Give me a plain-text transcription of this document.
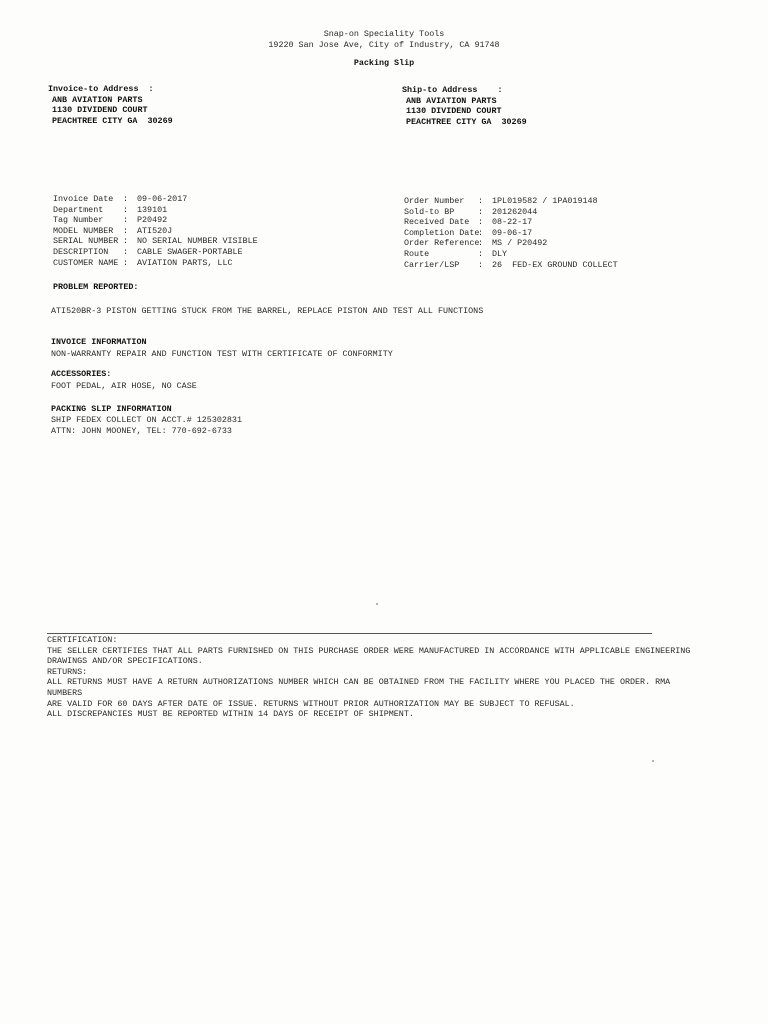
Snap-on Speciality Tools
19220 San Jose Ave, City of Industry, CA 91748
Packing Slip
Invoice-to Address  :
ANB AVIATION PARTS
1130 DIVIDEND COURT
PEACHTREE CITY GA  30269
Ship-to Address    :
ANB AVIATION PARTS
1130 DIVIDEND COURT
PEACHTREE CITY GA  30269
Invoice Date : 09-06-2017
Department : 139101
Tag Number : P20492
MODEL NUMBER : ATI520J
SERIAL NUMBER : NO SERIAL NUMBER VISIBLE
DESCRIPTION : CABLE SWAGER-PORTABLE
CUSTOMER NAME : AVIATION PARTS, LLC
Order Number : 1PL019582 / 1PA019148
Sold-to BP	: 201262044
Received Date : 08-22-17
Completion Date: 09-06-17
Order Reference: MS / P20492
Route	: DLY
Carrier/LSP : 26  FED-EX GROUND COLLECT
PROBLEM REPORTED:
ATI520BR-3 PISTON GETTING STUCK FROM THE BARREL, REPLACE PISTON AND TEST ALL FUNCTIONS
INVOICE INFORMATION
NON-WARRANTY REPAIR AND FUNCTION TEST WITH CERTIFICATE OF CONFORMITY
ACCESSORIES:
FOOT PEDAL, AIR HOSE, NO CASE
PACKING SLIP INFORMATION
SHIP FEDEX COLLECT ON ACCT.# 125302831
ATTN: JOHN MOONEY, TEL: 770-692-6733
CERTIFICATION:
THE SELLER CERTIFIES THAT ALL PARTS FURNISHED ON THIS PURCHASE ORDER WERE MANUFACTURED IN ACCORDANCE WITH APPLICABLE ENGINEERING
DRAWINGS AND/OR SPECIFICATIONS.
RETURNS:
ALL RETURNS MUST HAVE A RETURN AUTHORIZATIONS NUMBER WHICH CAN BE OBTAINED FROM THE FACILITY WHERE YOU PLACED THE ORDER. RMA
NUMBERS
ARE VALID FOR 60 DAYS AFTER DATE OF ISSUE. RETURNS WITHOUT PRIOR AUTHORIZATION MAY BE SUBJECT TO REFUSAL.
ALL DISCREPANCIES MUST BE REPORTED WITHIN 14 DAYS OF RECEIPT OF SHIPMENT.
